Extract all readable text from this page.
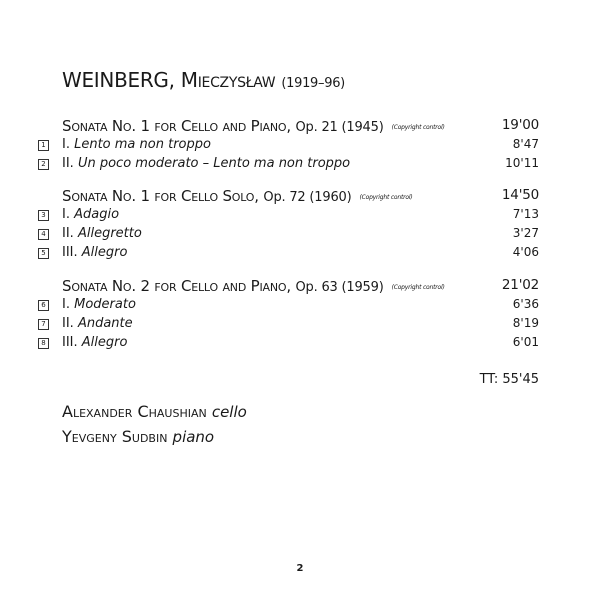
WEINBERG, Mieczysław (1919–96)
Sonata No. 1 for Cello and Piano, Op. 21 (1945) (Copyright control)	19'00
1 I. Lento ma non troppo	8'47
2 II. Un poco moderato – Lento ma non troppo	10'11
Sonata No. 1 for Cello Solo, Op. 72 (1960) (Copyright control)	14'50
3 I. Adagio	7'13
4 II. Allegretto	3'27
5 III. Allegro	4'06
Sonata No. 2 for Cello and Piano, Op. 63 (1959) (Copyright control)	21'02
6 I. Moderato	6'36
7 II. Andante	8'19
8 III. Allegro	6'01
TT: 55'45
Alexander Chaushian cello
Yevgeny Sudbin piano
2
